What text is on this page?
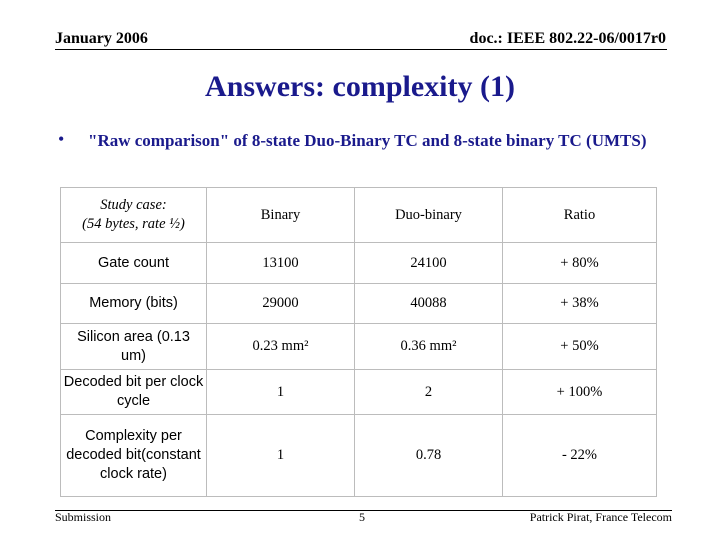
January 2006	doc.: IEEE 802.22-06/0017r0
Answers: complexity (1)
• "Raw comparison" of 8-state Duo-Binary TC and 8-state binary TC (UMTS)
Study case:
(54 bytes, rate ½)	Binary	Duo-binary	Ratio
Gate count	13100	24100	+ 80%
Memory (bits)	29000	40088	+ 38%
Silicon area (0.13 um)	0.23 mm²	0.36 mm²	+ 50%
Decoded bit per clock cycle	1	2	+ 100%
Complexity per decoded bit(constant clock rate)	1	0.78	- 22%
Submission	5	Patrick Pirat, France Telecom
